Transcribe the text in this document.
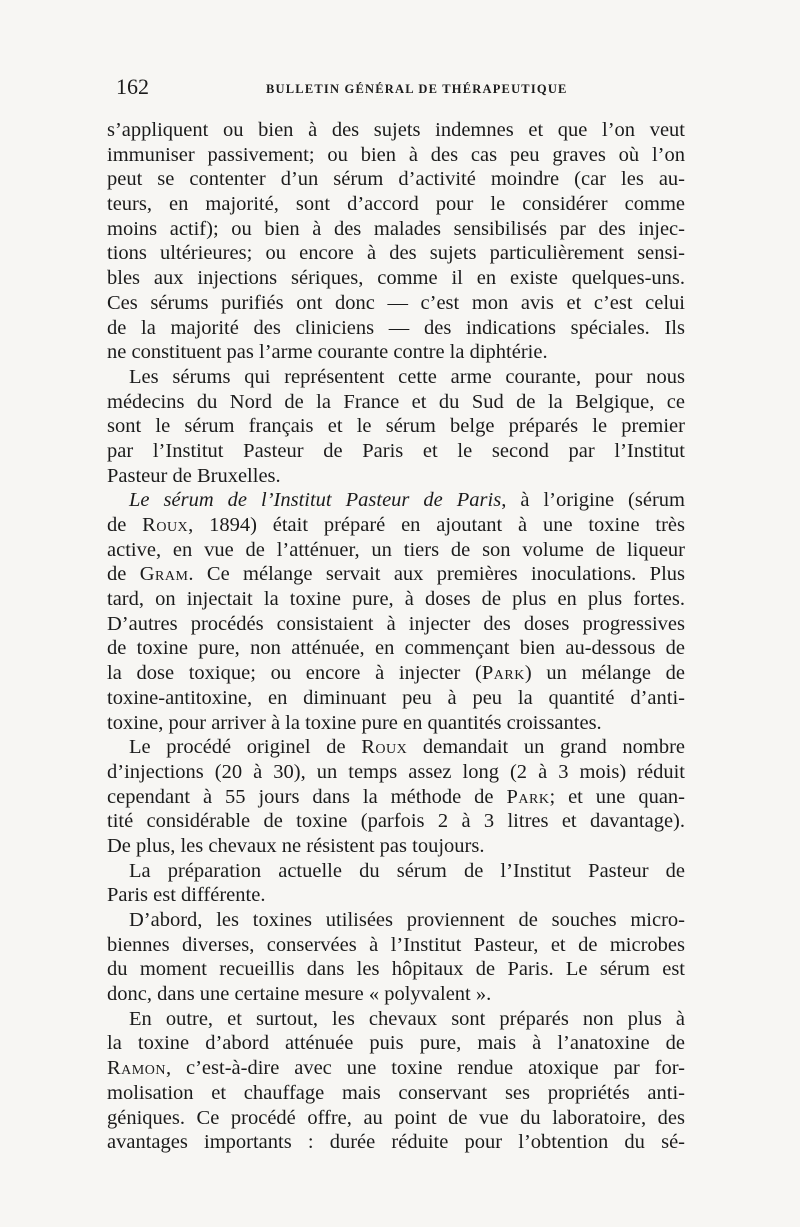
162	BULLETIN GÉNÉRAL DE THÉRAPEUTIQUE
s’appliquent ou bien à des sujets indemnes et que l’on veut
immuniser passivement; ou bien à des cas peu graves où l’on
peut se contenter d’un sérum d’activité moindre (car les au-
teurs, en majorité, sont d’accord pour le considérer comme
moins actif); ou bien à des malades sensibilisés par des injec-
tions ultérieures; ou encore à des sujets particulièrement sensi-
bles aux injections sériques, comme il en existe quelques-uns.
Ces sérums purifiés ont donc — c’est mon avis et c’est celui
de la majorité des cliniciens — des indications spéciales. Ils
ne constituent pas l’arme courante contre la diphtérie.
Les sérums qui représentent cette arme courante, pour nous
médecins du Nord de la France et du Sud de la Belgique, ce
sont le sérum français et le sérum belge préparés le premier
par l’Institut Pasteur de Paris et le second par l’Institut
Pasteur de Bruxelles.
Le sérum de l’Institut Pasteur de Paris, à l’origine (sérum
de Roux, 1894) était préparé en ajoutant à une toxine très
active, en vue de l’atténuer, un tiers de son volume de liqueur
de Gram. Ce mélange servait aux premières inoculations. Plus
tard, on injectait la toxine pure, à doses de plus en plus fortes.
D’autres procédés consistaient à injecter des doses progressives
de toxine pure, non atténuée, en commençant bien au-dessous de
la dose toxique; ou encore à injecter (Park) un mélange de
toxine-antitoxine, en diminuant peu à peu la quantité d’anti-
toxine, pour arriver à la toxine pure en quantités croissantes.
Le procédé originel de Roux demandait un grand nombre
d’injections (20 à 30), un temps assez long (2 à 3 mois) réduit
cependant à 55 jours dans la méthode de Park; et une quan-
tité considérable de toxine (parfois 2 à 3 litres et davantage).
De plus, les chevaux ne résistent pas toujours.
La préparation actuelle du sérum de l’Institut Pasteur de
Paris est différente.
D’abord, les toxines utilisées proviennent de souches micro-
biennes diverses, conservées à l’Institut Pasteur, et de microbes
du moment recueillis dans les hôpitaux de Paris. Le sérum est
donc, dans une certaine mesure « polyvalent ».
En outre, et surtout, les chevaux sont préparés non plus à
la toxine d’abord atténuée puis pure, mais à l’anatoxine de
Ramon, c’est-à-dire avec une toxine rendue atoxique par for-
molisation et chauffage mais conservant ses propriétés anti-
géniques. Ce procédé offre, au point de vue du laboratoire, des
avantages importants : durée réduite pour l’obtention du sé-
